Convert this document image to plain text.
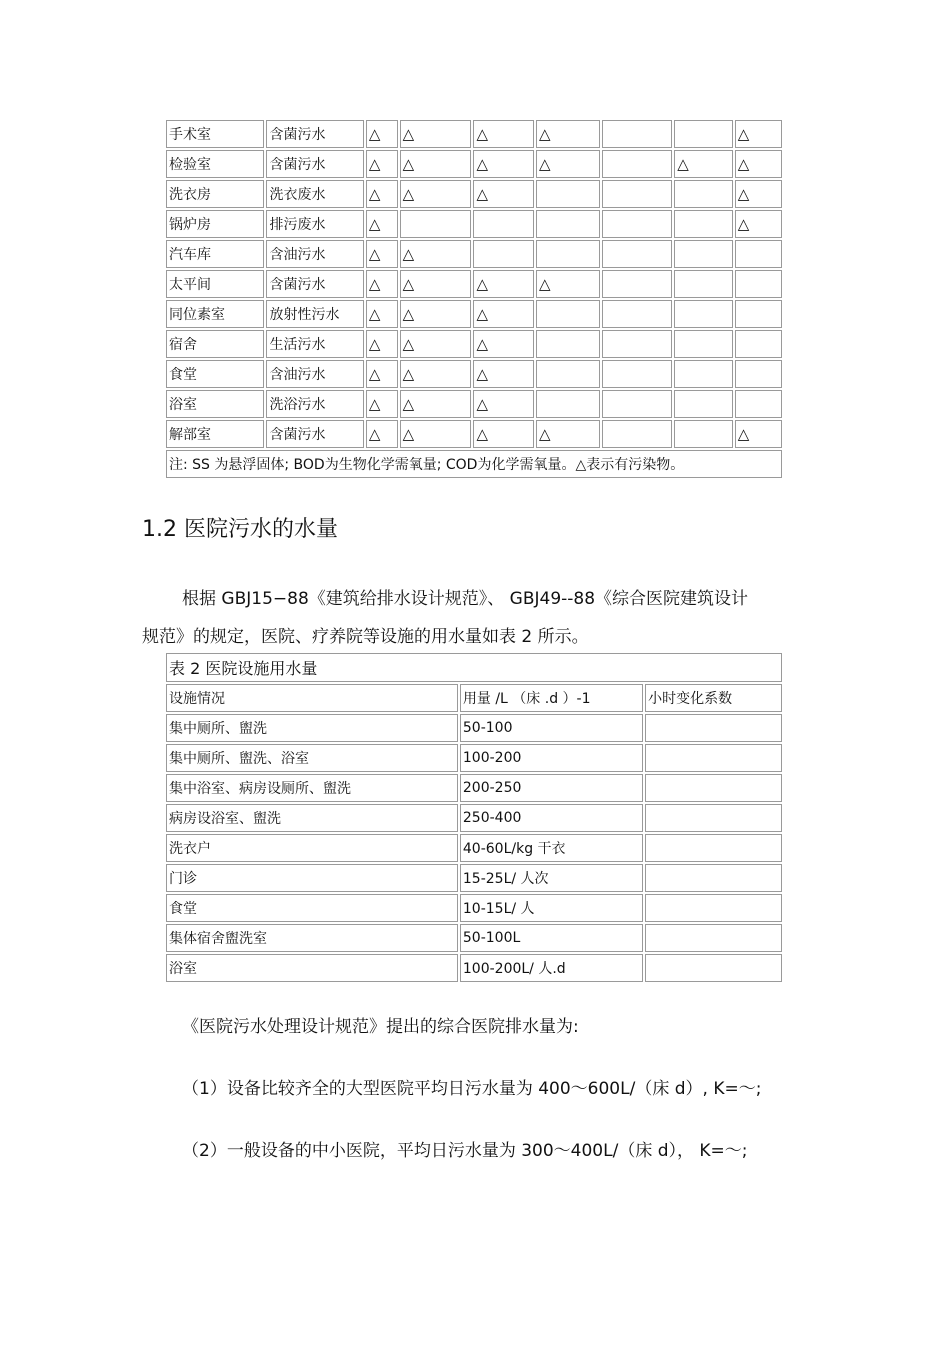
手术室	含菌污水	△	△	△	△			△
检验室	含菌污水	△	△	△	△		△	△
洗衣房	洗衣废水	△	△	△				△
锅炉房	排污废水	△						△
汽车库	含油污水	△	△					
太平间	含菌污水	△	△	△	△			
同位素室	放射性污水	△	△	△				
宿舍	生活污水	△	△	△				
食堂	含油污水	△	△	△				
浴室	洗浴污水	△	△	△				
解部室	含菌污水	△	△	△	△			△
注: SS 为悬浮固体; BOD为生物化学需氧量; COD为化学需氧量。△表示有污染物。								
1.2 医院污水的水量
根据 GBJ15−88《建筑给排水设计规范》、 GBJ49--88《综合医院建筑设计
规范》的规定，医院、疗养院等设施的用水量如表 2 所示。
表 2 医院设施用水量		
设施情况	用量 /L （床 .d ）-1	小时变化系数
集中厕所、盥洗	50-100	
集中厕所、盥洗、浴室	100-200	
集中浴室、病房设厕所、盥洗	200-250	
病房设浴室、盥洗	250-400	
洗衣户	40-60L/kg 干衣	
门诊	15-25L/ 人次	
食堂	10-15L/ 人	
集体宿舍盥洗室	50-100L	
浴室	100-200L/ 人.d	
《医院污水处理设计规范》提出的综合医院排水量为:
（1）设备比较齐全的大型医院平均日污水量为 400～600L/（床 d）, K=～;
（2）一般设备的中小医院，平均日污水量为 300～400L/（床 d）， K=～;
